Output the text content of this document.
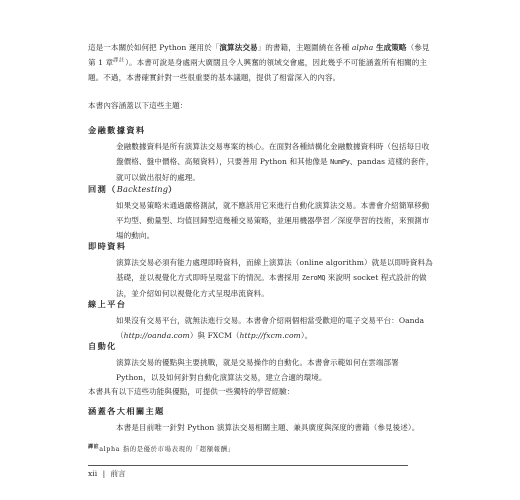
這是一本關於如何把 Python 運用於「演算法交易」的書籍，主題圍繞在各種 alpha 生成策略（參見第 1 章$^{譯註}$）。本書可說是身處兩大廣闊且令人興奮的領域交會處，因此幾乎不可能涵蓋所有相關的主題。不過，本書確實針對一些很重要的基本議題，提供了相當深入的內容。

本書內容涵蓋以下這些主題：

金融數據資料

金融數據資料是所有演算法交易專案的核心。在面對各種結構化金融數據資料時（包括每日收盤價格、盤中價格、高頻資料），只要善用 Python 和其他像是 NumPy、pandas 這樣的套件，就可以做出很好的處理。

回測（Backtesting）

如果交易策略未通過嚴格測試，就不應該用它來進行自動化演算法交易。本書會介紹簡單移動平均型、動量型、均值回歸型這幾種交易策略，並運用機器學習／深度學習的技術，來預測市場的動向。

即時資料

演算法交易必須有能力處理即時資料，而線上演算法（online algorithm）就是以即時資料為基礎，並以視覺化方式即時呈現當下的情況。本書採用 ZeroMQ 來說明 socket 程式設計的做法，並介紹如何以視覺化方式呈現串流資料。

線上平台

如果沒有交易平台，就無法進行交易。本書會介紹兩個相當受歡迎的電子交易平台：Oanda（http://oanda.com）與 FXCM（http://fxcm.com）。

自動化

演算法交易的優點與主要挑戰，就是交易操作的自動化。本書會示範如何在雲端部署 Python，以及如何針對自動化演算法交易，建立合適的環境。

本書具有以下這些功能與優點，可提供一些獨特的學習經驗：

涵蓋各大相關主題

本書是目前唯一針對 Python 演算法交易相關主題、兼具廣度與深度的書籍（參見後述）。

$^{譯註}$alpha 指的是優於市場表現的「超額報酬」

xii | 前言
